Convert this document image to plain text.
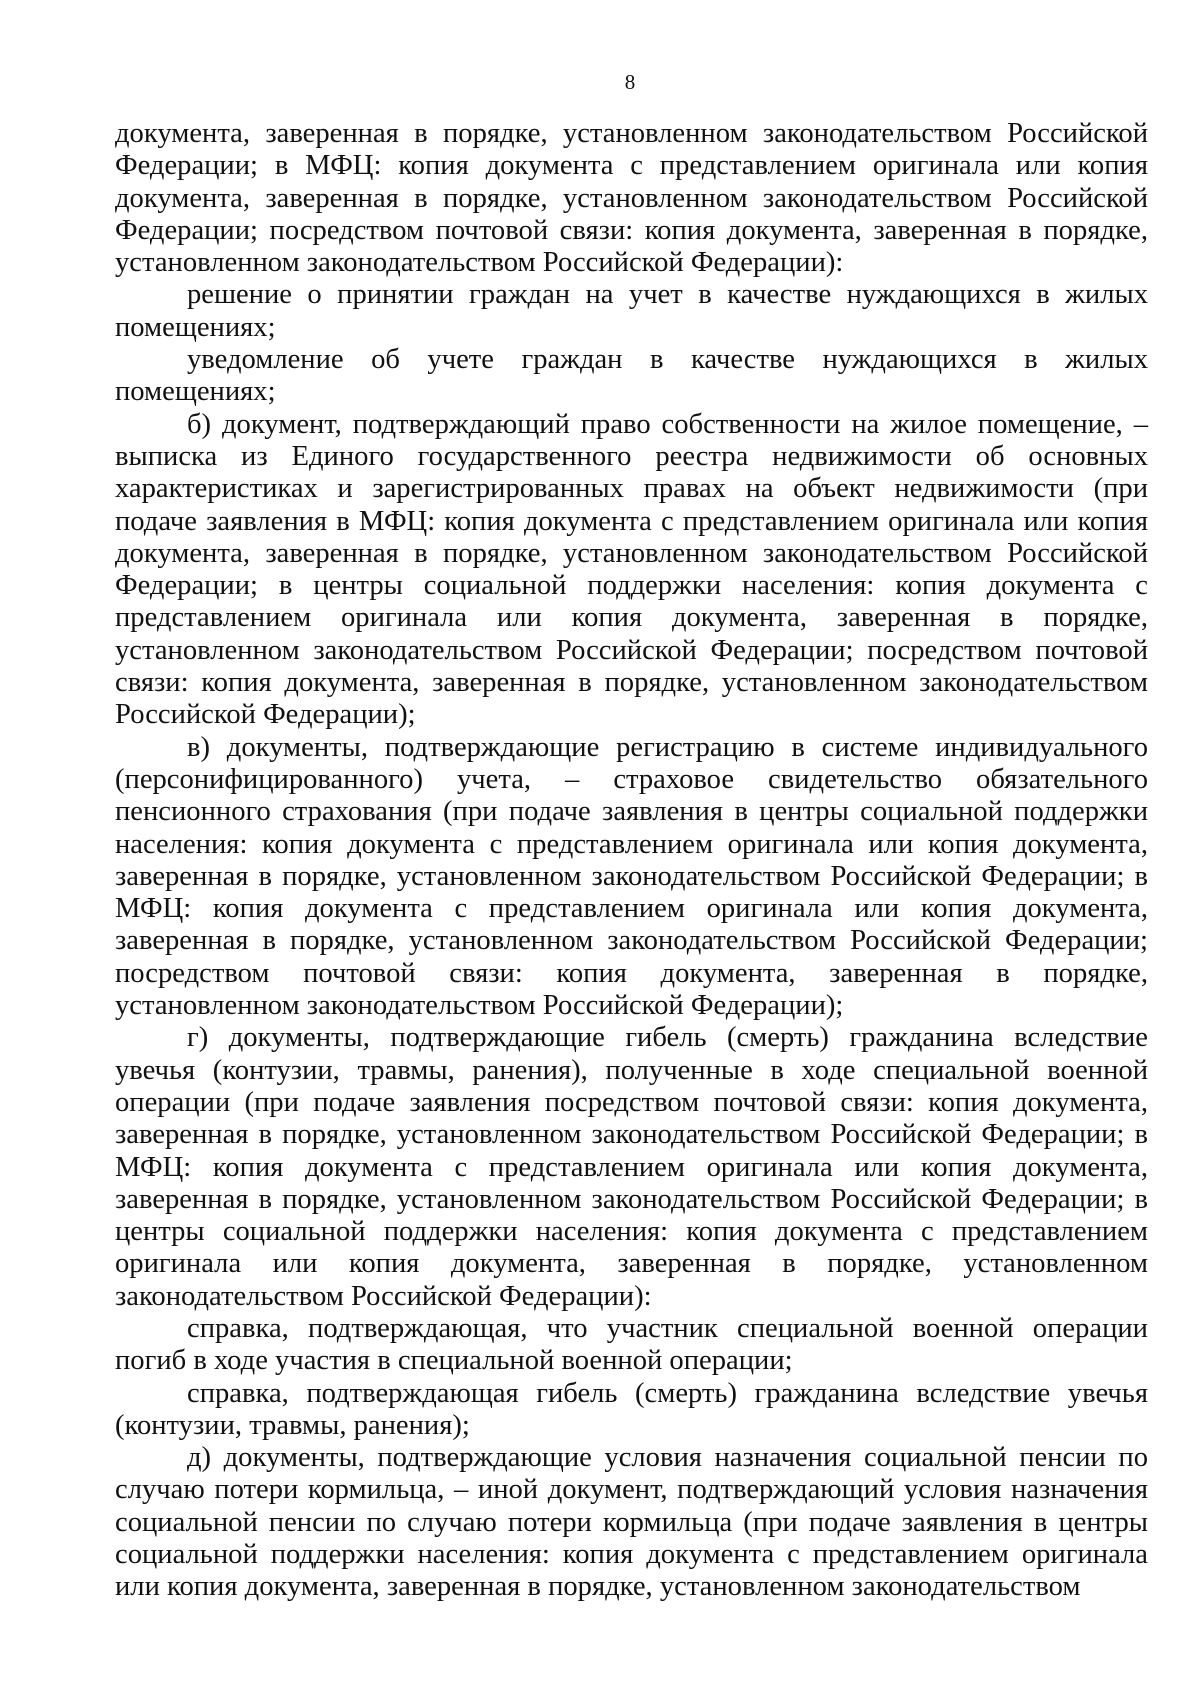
8

документа, заверенная в порядке, установленном законодательством Российской Федерации; в МФЦ: копия документа с представлением оригинала или копия документа, заверенная в порядке, установленном законодательством Российской Федерации; посредством почтовой связи: копия документа, заверенная в порядке, установленном законодательством Российской Федерации):

решение о принятии граждан на учет в качестве нуждающихся в жилых помещениях;

уведомление об учете граждан в качестве нуждающихся в жилых помещениях;

б) документ, подтверждающий право собственности на жилое помещение, – выписка из Единого государственного реестра недвижимости об основных характеристиках и зарегистрированных правах на объект недвижимости (при подаче заявления в МФЦ: копия документа с представлением оригинала или копия документа, заверенная в порядке, установленном законодательством Российской Федерации; в центры социальной поддержки населения: копия документа с представлением оригинала или копия документа, заверенная в порядке, установленном законодательством Российской Федерации; посредством почтовой связи: копия документа, заверенная в порядке, установленном законодательством Российской Федерации);

в) документы, подтверждающие регистрацию в системе индивидуального (персонифицированного) учета, – страховое свидетельство обязательного пенсионного страхования (при подаче заявления в центры социальной поддержки населения: копия документа с представлением оригинала или копия документа, заверенная в порядке, установленном законодательством Российской Федерации; в МФЦ: копия документа с представлением оригинала или копия документа, заверенная в порядке, установленном законодательством Российской Федерации; посредством почтовой связи: копия документа, заверенная в порядке, установленном законодательством Российской Федерации);

г) документы, подтверждающие гибель (смерть) гражданина вследствие увечья (контузии, травмы, ранения), полученные в ходе специальной военной операции (при подаче заявления посредством почтовой связи: копия документа, заверенная в порядке, установленном законодательством Российской Федерации; в МФЦ: копия документа с представлением оригинала или копия документа, заверенная в порядке, установленном законодательством Российской Федерации; в центры социальной поддержки населения: копия документа с представлением оригинала или копия документа, заверенная в порядке, установленном законодательством Российской Федерации):

справка, подтверждающая, что участник специальной военной операции погиб в ходе участия в специальной военной операции;

справка, подтверждающая гибель (смерть) гражданина вследствие увечья (контузии, травмы, ранения);

д) документы, подтверждающие условия назначения социальной пенсии по случаю потери кормильца, – иной документ, подтверждающий условия назначения социальной пенсии по случаю потери кормильца (при подаче заявления в центры социальной поддержки населения: копия документа с представлением оригинала или копия документа, заверенная в порядке, установленном законодательством
